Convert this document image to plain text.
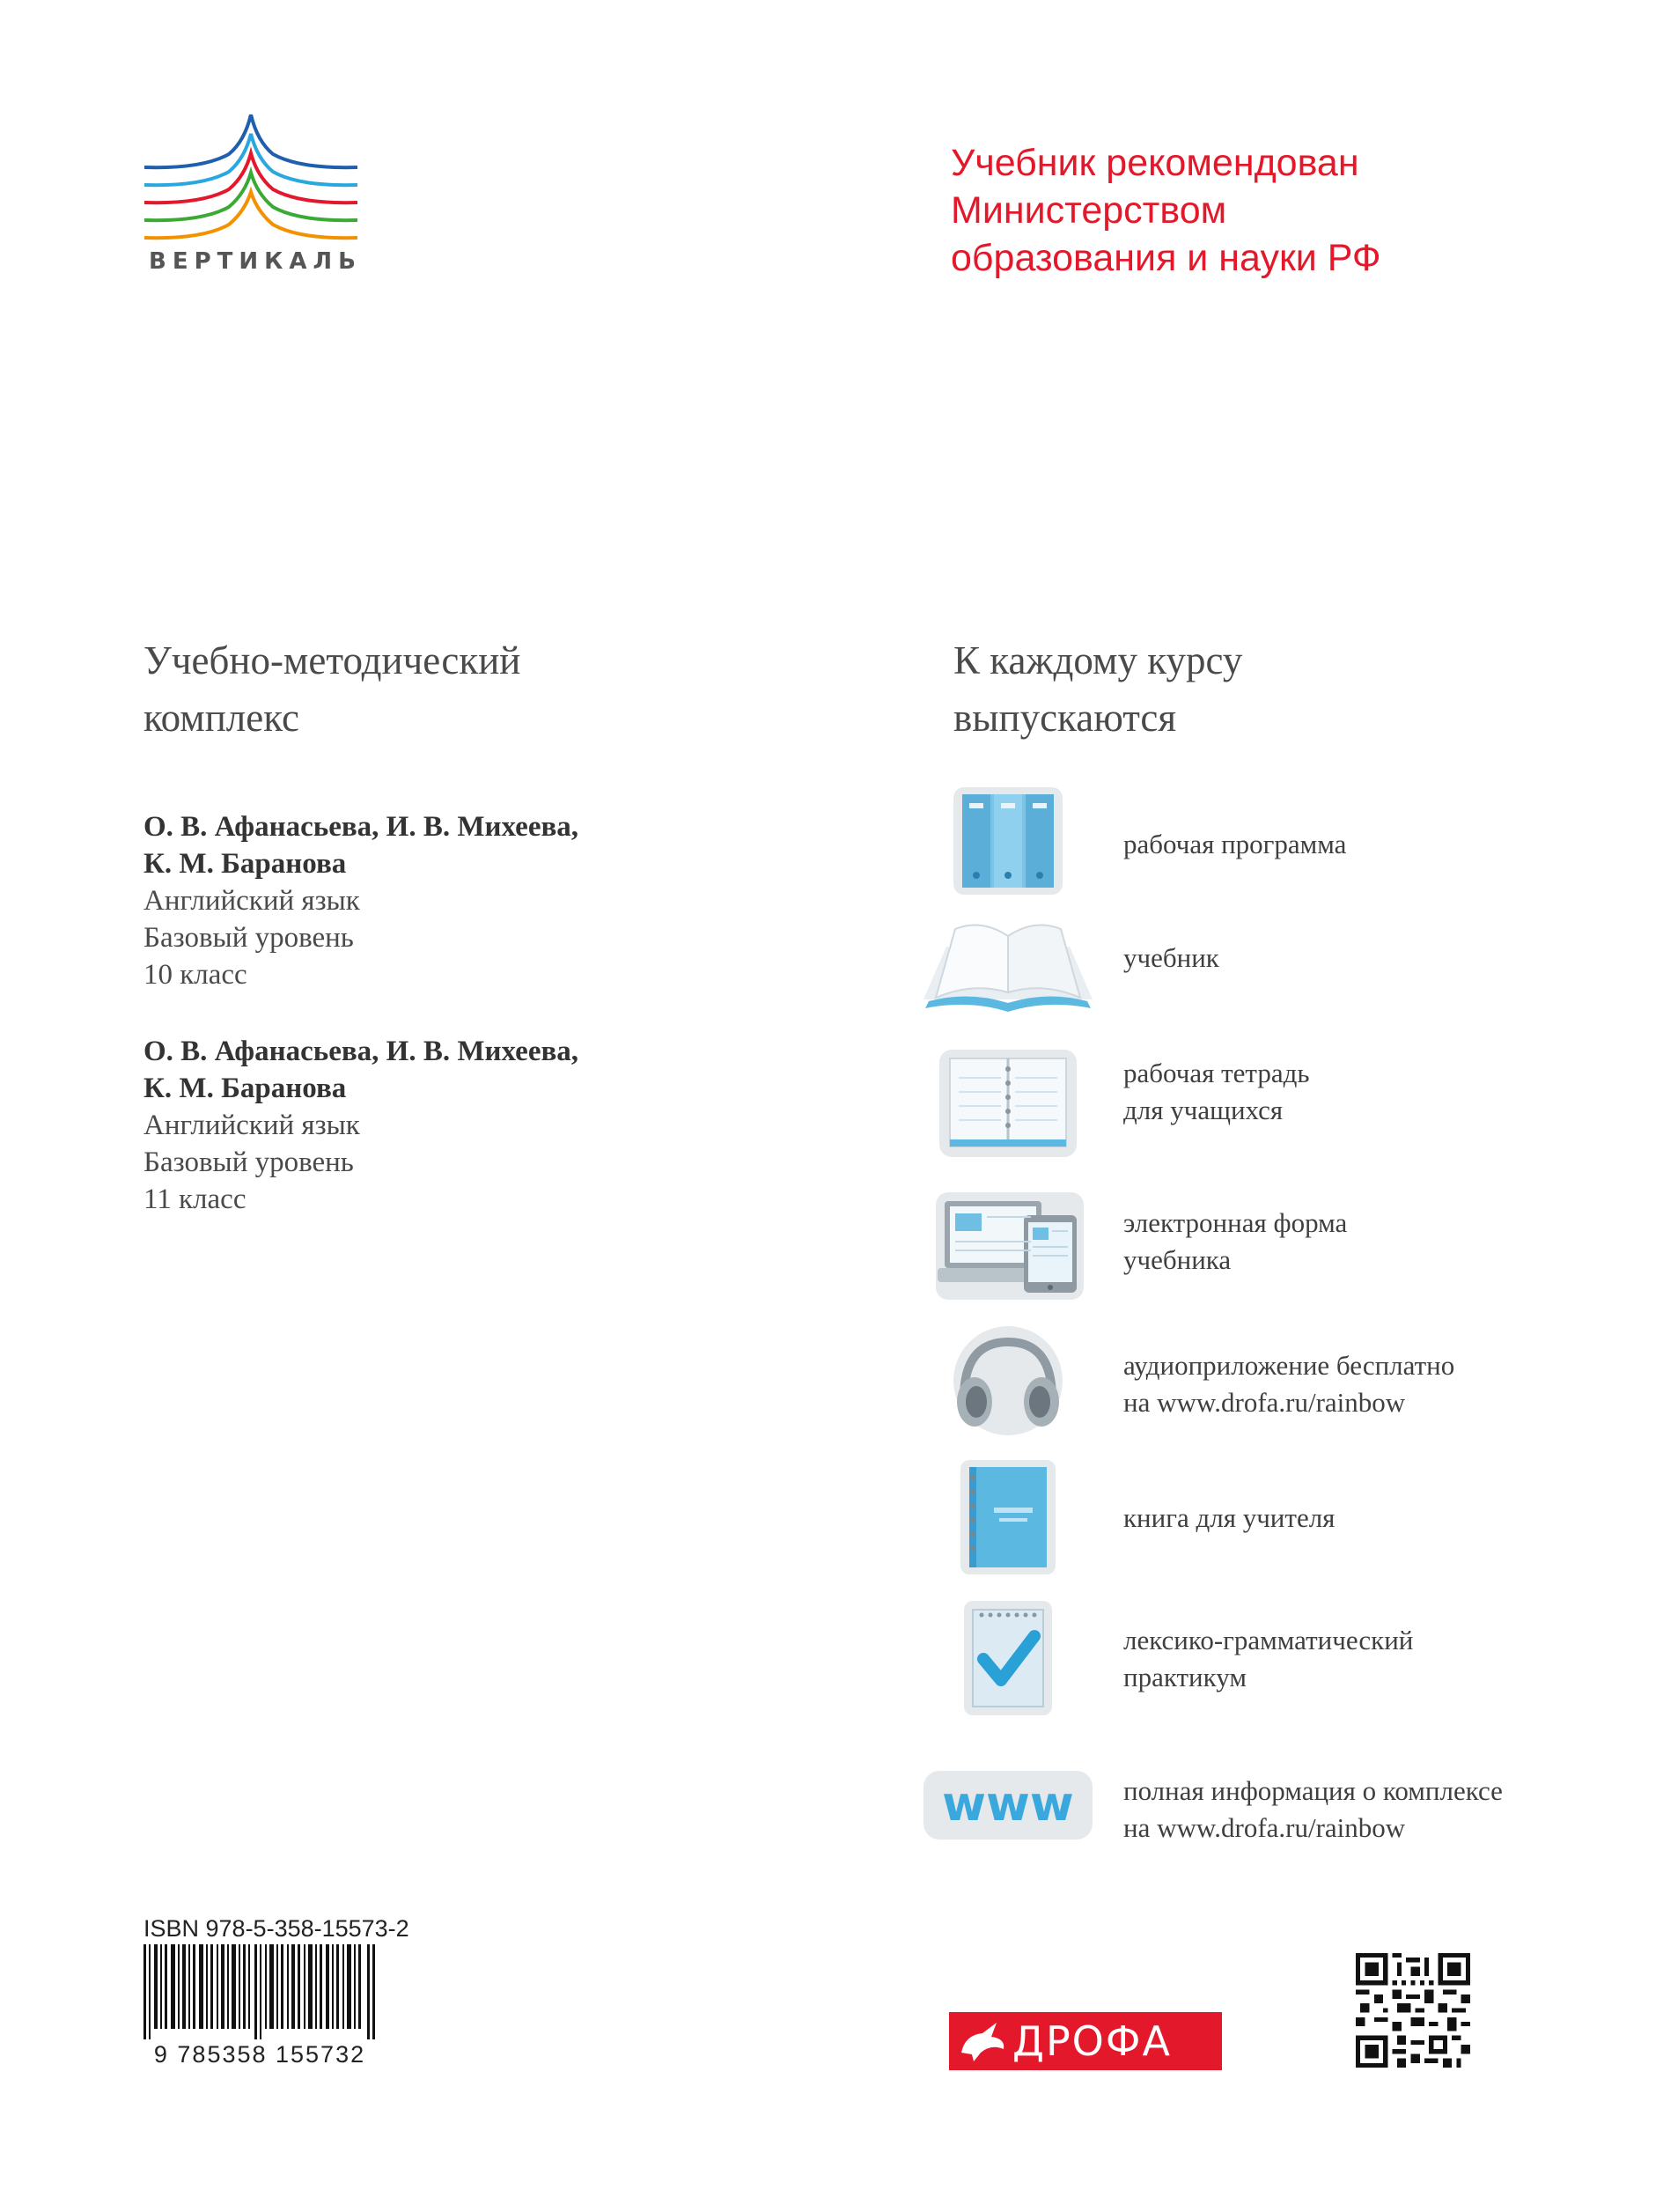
ВЕРТИКАЛЬ
Учебник рекомендован
Министерством
образования и науки РФ
Учебно-методический
комплекс
О. В. Афанасьева, И. В. Михеева,
К. М. Баранова
Английский язык
Базовый уровень
10 класс
О. В. Афанасьева, И. В. Михеева,
К. М. Баранова
Английский язык
Базовый уровень
11 класс
К каждому курсу
выпускаются
рабочая программа
учебник
рабочая тетрадь
для учащихся
электронная форма
учебника
аудиоприложение бесплатно
на www.drofa.ru/rainbow
книга для учителя
лексико-грамматический
практикум
www полная информация о комплексе
на www.drofa.ru/rainbow
ISBN 978-5-358-15573-2
9 785358 155732	ДРОФА
